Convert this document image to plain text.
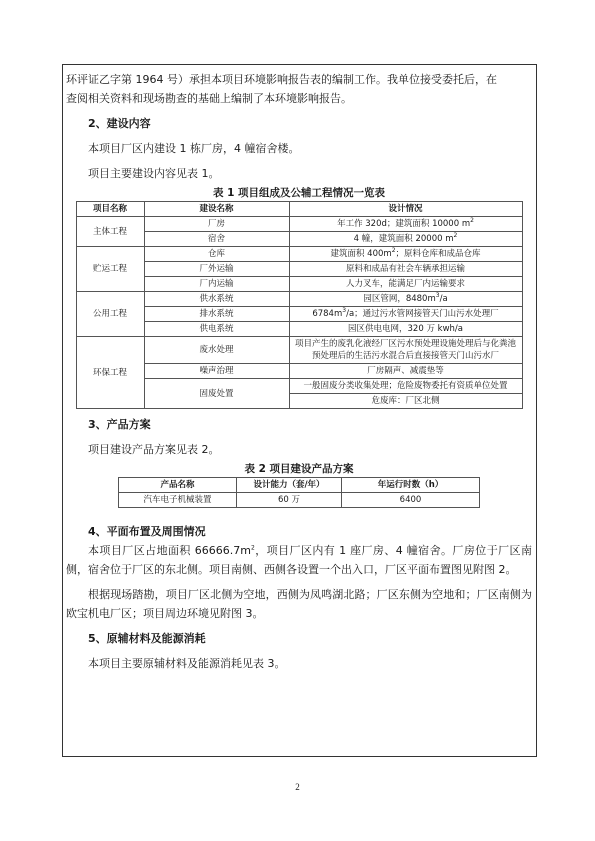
环评证乙字第 1964 号）承担本项目环境影响报告表的编制工作。我单位接受委托后，在

查阅相关资料和现场勘查的基础上编制了本环境影响报告。

2、建设内容

本项目厂区内建设 1 栋厂房，4 幢宿舍楼。

项目主要建设内容见表 1。

表 1 项目组成及公辅工程情况一览表
项目名称	建设名称	设计情况
主体工程	厂房	年工作 320d；建筑面积 10000 $m^2$
	宿舍	4 幢，建筑面积 20000 $m^2$
贮运工程	仓库	建筑面积 $400m^2$；原料仓库和成品仓库
	厂外运输	原料和成品有社会车辆承担运输
	厂内运输	人力叉车，能满足厂内运输要求
公用工程	供水系统	园区管网，$8480m^3/a$
	排水系统	$6784m^3/a$；通过污水管网接管天门山污水处理厂
	供电系统	园区供电电网，320 万 kwh/a
环保工程	废水处理	项目产生的废乳化液经厂区污水预处理设施处理后与化粪池预处理后的生活污水混合后直接接管天门山污水厂
	噪声治理	厂房隔声、减震垫等
	固废处置	一般固废分类收集处理；危险废物委托有资质单位处置
		危废库：厂区北侧

3、产品方案

项目建设产品方案见表 2。

表 2 项目建设产品方案
产品名称	设计能力（套/年）	年运行时数（h）
汽车电子机械装置	60 万	6400

4、平面布置及周围情况

本项目厂区占地面积 $66666.7m^2$，项目厂区内有 1 座厂房、4 幢宿舍。厂房位于厂区南侧，宿舍位于厂区的东北侧。项目南侧、西侧各设置一个出入口，厂区平面布置图见附图 2。

根据现场踏勘，项目厂区北侧为空地，西侧为凤鸣湖北路；厂区东侧为空地和；厂区南侧为欧宝机电厂区；项目周边环境见附图 3。

5、原辅材料及能源消耗

本项目主要原辅材料及能源消耗见表 3。

2
